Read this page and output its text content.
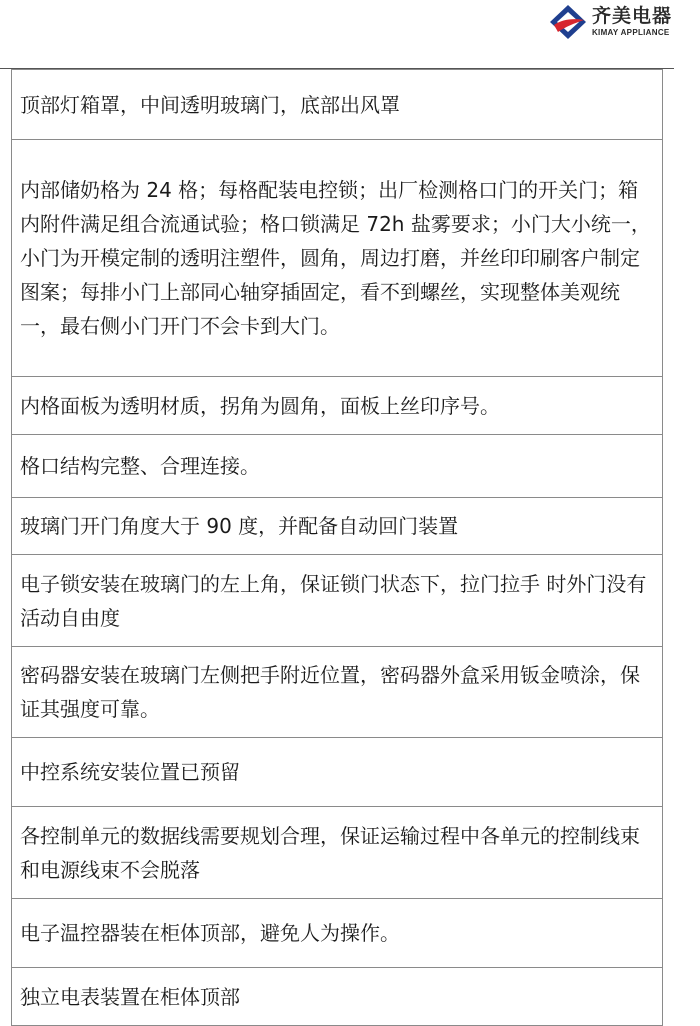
齐美电器
KIMAY APPLIANCE
顶部灯箱罩，中间透明玻璃门，底部出风罩
内部储奶格为 24 格；每格配装电控锁；出厂检测格口门的开关门；箱内附件满足组合流通试验；格口锁满足 72h 盐雾要求；小门大小统一，小门为开模定制的透明注塑件，圆角，周边打磨，并丝印印刷客户制定图案；每排小门上部同心轴穿插固定，看不到螺丝，实现整体美观统一，最右侧小门开门不会卡到大门。
内格面板为透明材质，拐角为圆角，面板上丝印序号。
格口结构完整、合理连接。
玻璃门开门角度大于 90 度，并配备自动回门装置
电子锁安装在玻璃门的左上角，保证锁门状态下，拉门拉手 时外门没有活动自由度
密码器安装在玻璃门左侧把手附近位置，密码器外盒采用钣金喷涂，保证其强度可靠。
中控系统安装位置已预留
各控制单元的数据线需要规划合理，保证运输过程中各单元的控制线束和电源线束不会脱落
电子温控器装在柜体顶部，避免人为操作。
独立电表装置在柜体顶部
